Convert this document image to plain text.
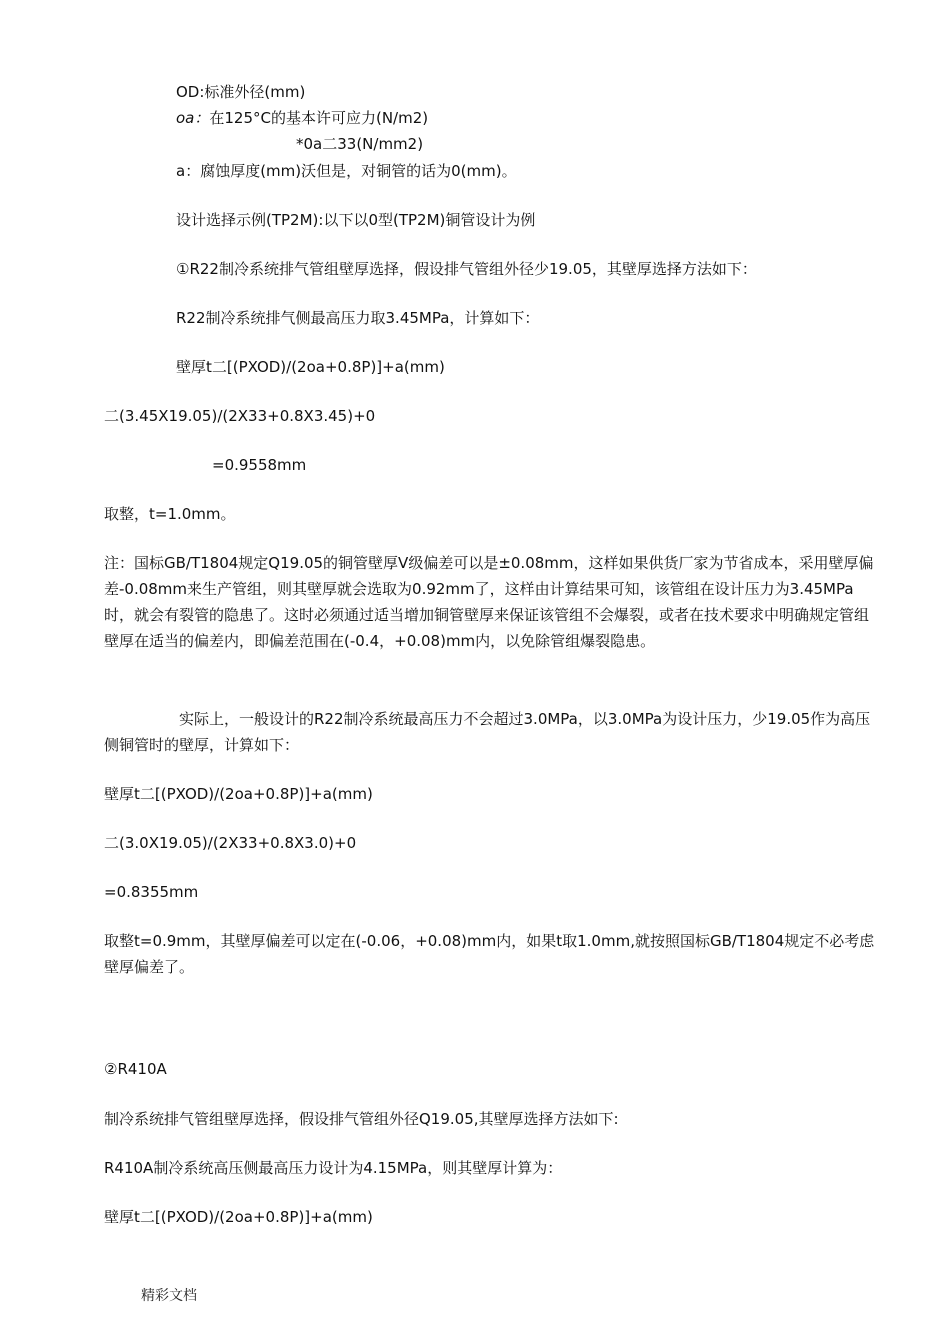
OD:标准外径(mm)
oa：在125°C的基本许可应力(N/m2)
*0a二33(N/mm2)
a：腐蚀厚度(mm)沃但是，对铜管的话为0(mm)。
设计选择示例(TP2M):以下以0型(TP2M)铜管设计为例
①R22制冷系统排气管组壁厚选择，假设排气管组外径少19.05，其壁厚选择方法如下：
R22制冷系统排气侧最高压力取3.45MPa，计算如下：
壁厚t二[(PXOD)/(2oa+0.8P)]+a(mm)
二(3.45X19.05)/(2X33+0.8X3.45)+0
=0.9558mm
取整，t=1.0mm。
注：国标GB/T1804规定Q19.05的铜管壁厚V级偏差可以是±0.08mm，这样如果供货厂家为节省成本，采用壁厚偏差-0.08mm来生产管组，则其壁厚就会选取为0.92mm了，这样由计算结果可知，该管组在设计压力为3.45MPa时，就会有裂管的隐患了。这时必须通过适当增加铜管壁厚来保证该管组不会爆裂，或者在技术要求中明确规定管组壁厚在适当的偏差内，即偏差范围在(-0.4，+0.08)mm内，以免除管组爆裂隐患。
实际上，一般设计的R22制冷系统最高压力不会超过3.0MPa，以3.0MPa为设计压力，少19.05作为高压侧铜管时的壁厚，计算如下：
壁厚t二[(PXOD)/(2oa+0.8P)]+a(mm)
二(3.0X19.05)/(2X33+0.8X3.0)+0
=0.8355mm
取整t=0.9mm，其壁厚偏差可以定在(-0.06，+0.08)mm内，如果t取1.0mm,就按照国标GB/T1804规定不必考虑壁厚偏差了。
②R410A
制冷系统排气管组壁厚选择，假设排气管组外径Q19.05,其壁厚选择方法如下:
R410A制冷系统高压侧最高压力设计为4.15MPa，则其壁厚计算为：
壁厚t二[(PXOD)/(2oa+0.8P)]+a(mm)
精彩文档
